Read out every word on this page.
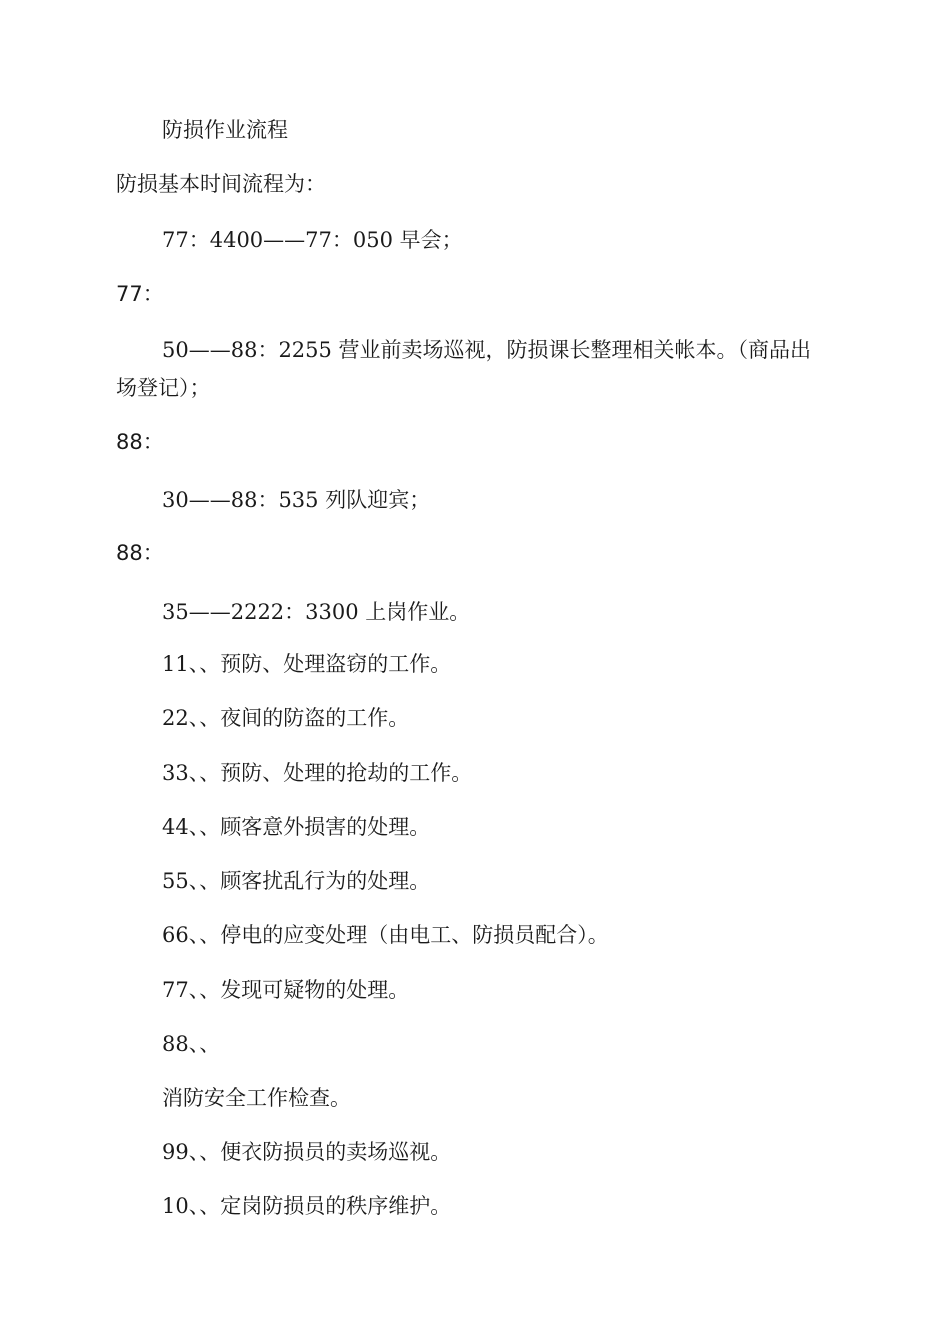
防损作业流程
防损基本时间流程为：
77：4400——77：050 早会；
77：
50——88：2255 营业前卖场巡视，防损课长整理相关帐本。（商品出场登记）；
88：
30——88：535 列队迎宾；
88：
35——2222：3300 上岗作业。
11、、预防、处理盗窃的工作。
22、、夜间的防盗的工作。
33、、预防、处理的抢劫的工作。
44、、顾客意外损害的处理。
55、、顾客扰乱行为的处理。
66、、停电的应变处理（由电工、防损员配合）。
77、、发现可疑物的处理。
88、、
消防安全工作检查。
99、、便衣防损员的卖场巡视。
10、、定岗防损员的秩序维护。
